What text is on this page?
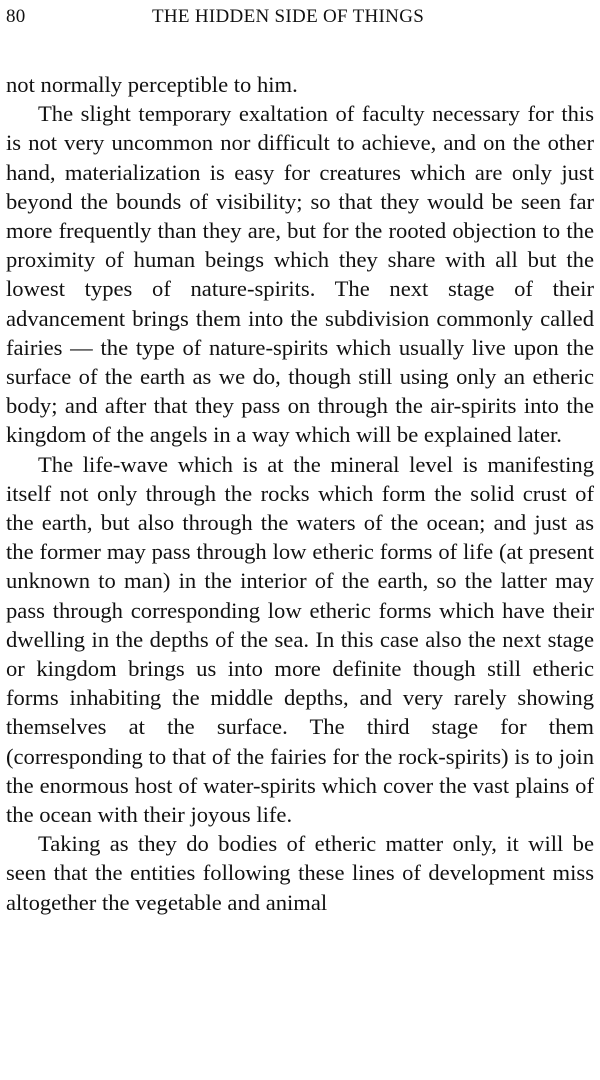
80	THE HIDDEN SIDE OF THINGS

not normally perceptible to him.

The slight temporary exaltation of faculty necessary for this is not very uncommon nor difficult to achieve, and on the other hand, materialization is easy for creatures which are only just beyond the bounds of visibility; so that they would be seen far more frequently than they are, but for the rooted objection to the proximity of human beings which they share with all but the lowest types of nature-spirits. The next stage of their advancement brings them into the subdivision commonly called fairies — the type of nature-spirits which usually live upon the surface of the earth as we do, though still using only an etheric body; and after that they pass on through the air-spirits into the kingdom of the angels in a way which will be explained later.

The life-wave which is at the mineral level is manifesting itself not only through the rocks which form the solid crust of the earth, but also through the waters of the ocean; and just as the former may pass through low etheric forms of life (at present unknown to man) in the interior of the earth, so the latter may pass through corresponding low etheric forms which have their dwelling in the depths of the sea. In this case also the next stage or kingdom brings us into more definite though still etheric forms inhabiting the middle depths, and very rarely showing themselves at the surface. The third stage for them (corresponding to that of the fairies for the rock-spirits) is to join the enormous host of water-spirits which cover the vast plains of the ocean with their joyous life.

Taking as they do bodies of etheric matter only, it will be seen that the entities following these lines of development miss altogether the vegetable and animal
